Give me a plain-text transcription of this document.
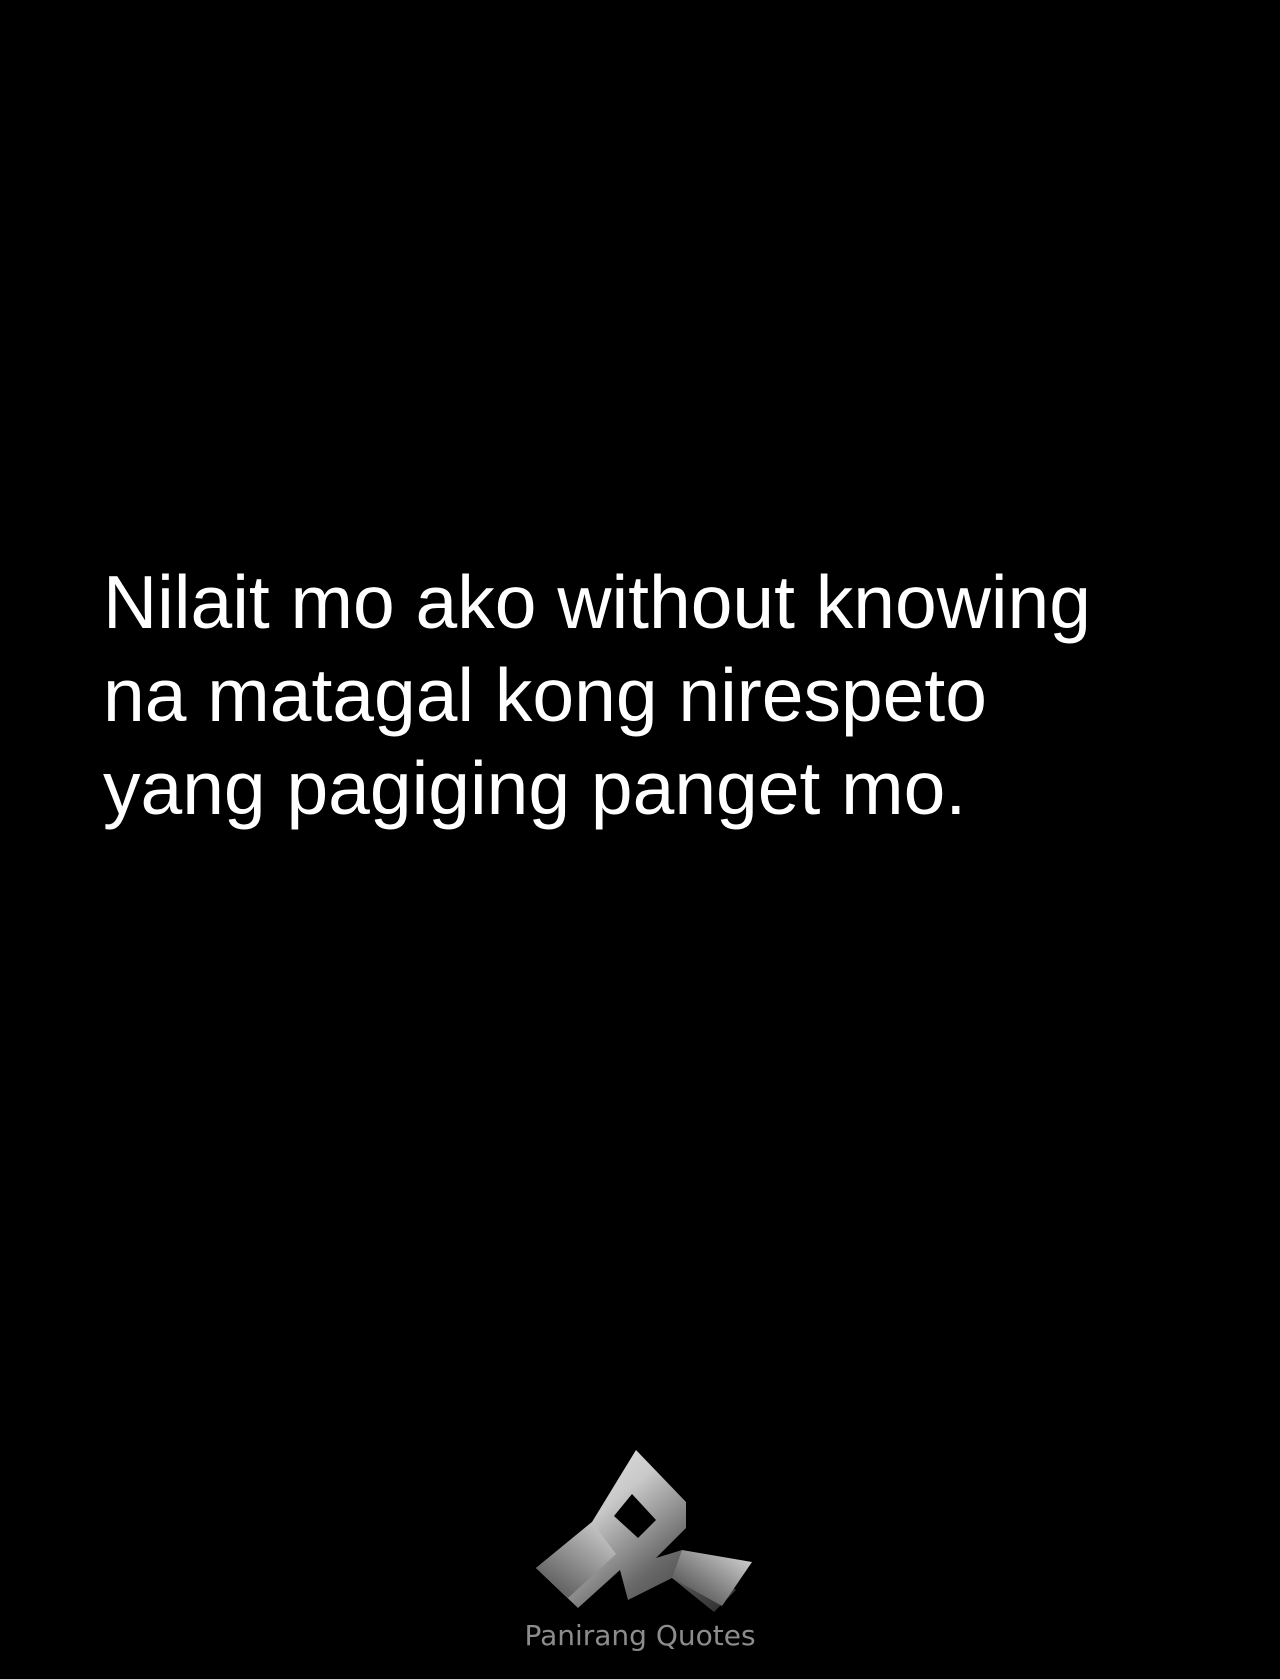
Nilait mo ako without knowing
na matagal kong nirespeto
yang pagiging panget mo.
Panirang Quotes
